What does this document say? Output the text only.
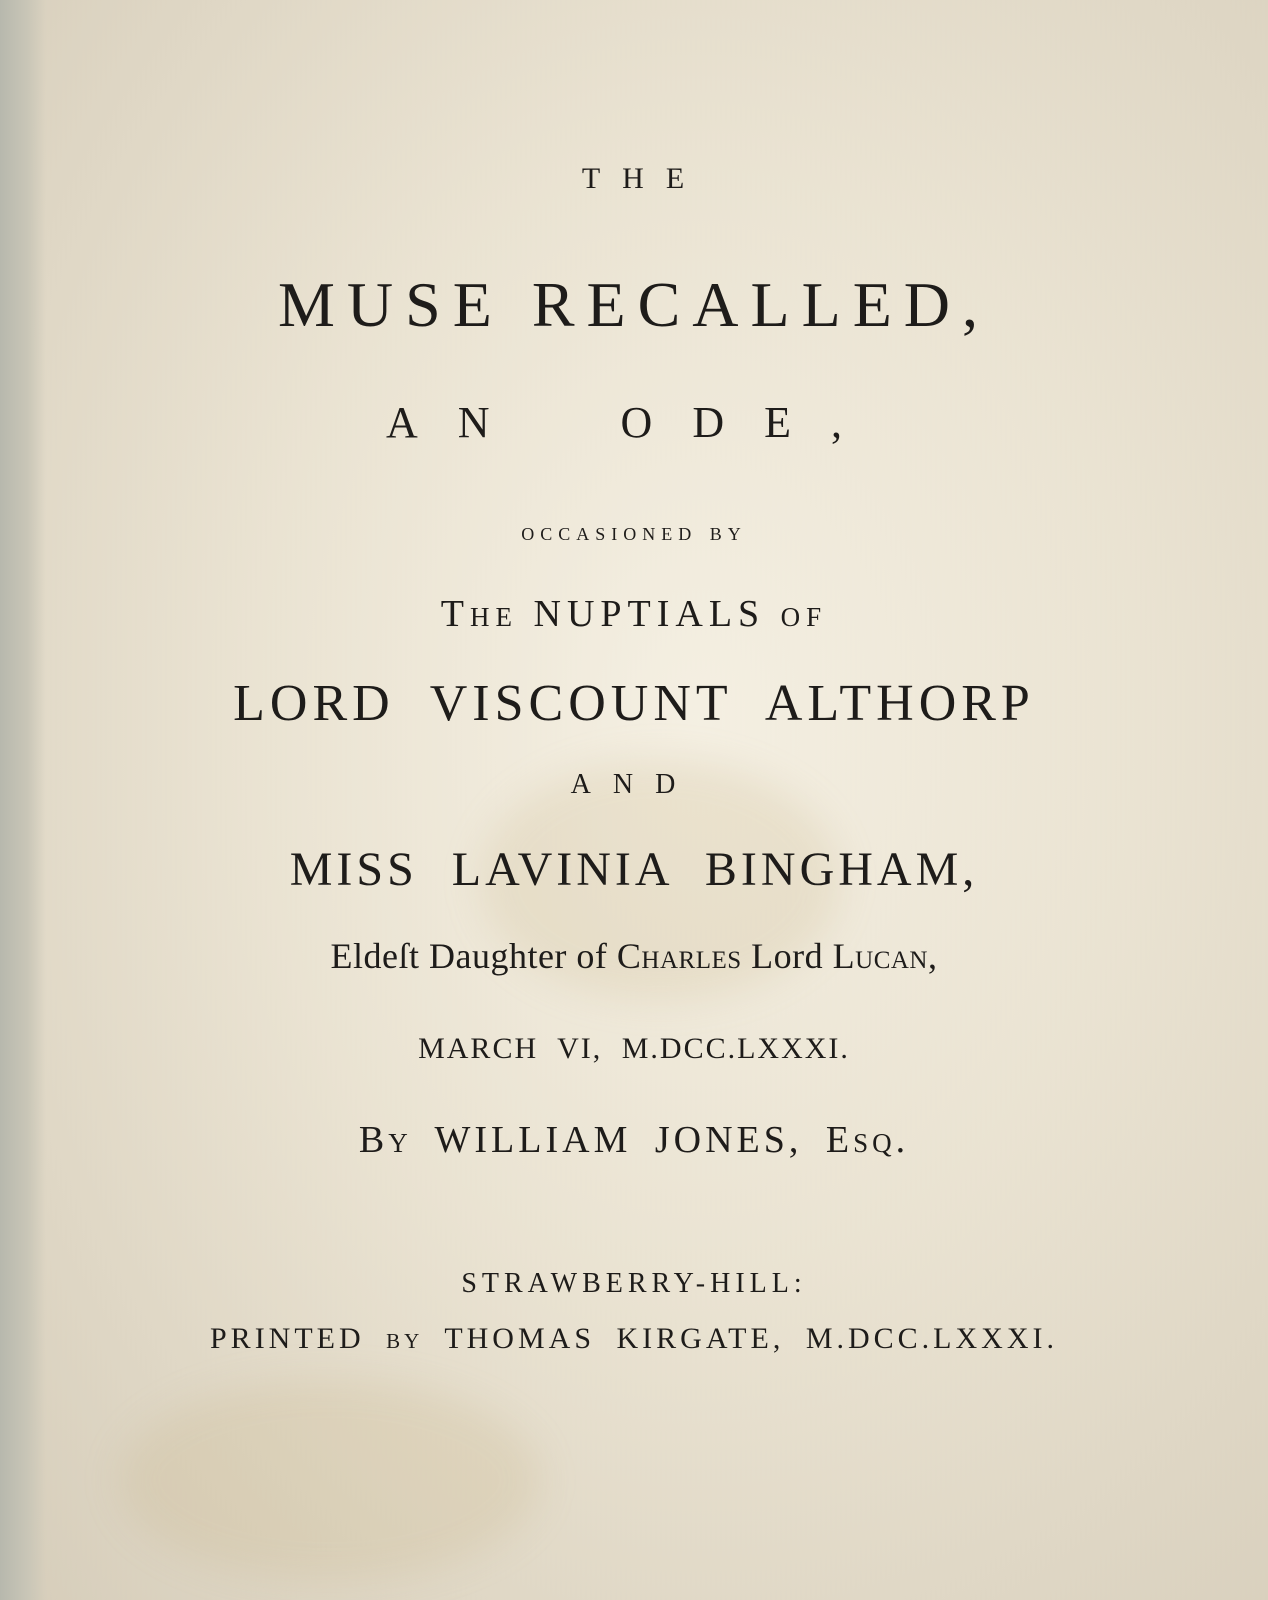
THE
MUSE RECALLED,
AN ODE,
occasioned by
The NUPTIALS of
LORD VISCOUNT ALTHORP
AND
MISS LAVINIA BINGHAM,
Eldeſt Daughter of Charles Lord Lucan,
MARCH VI, M.DCC.LXXXI.
By WILLIAM JONES, Esq.
STRAWBERRY-HILL:
PRINTED by THOMAS KIRGATE, M.DCC.LXXXI.
